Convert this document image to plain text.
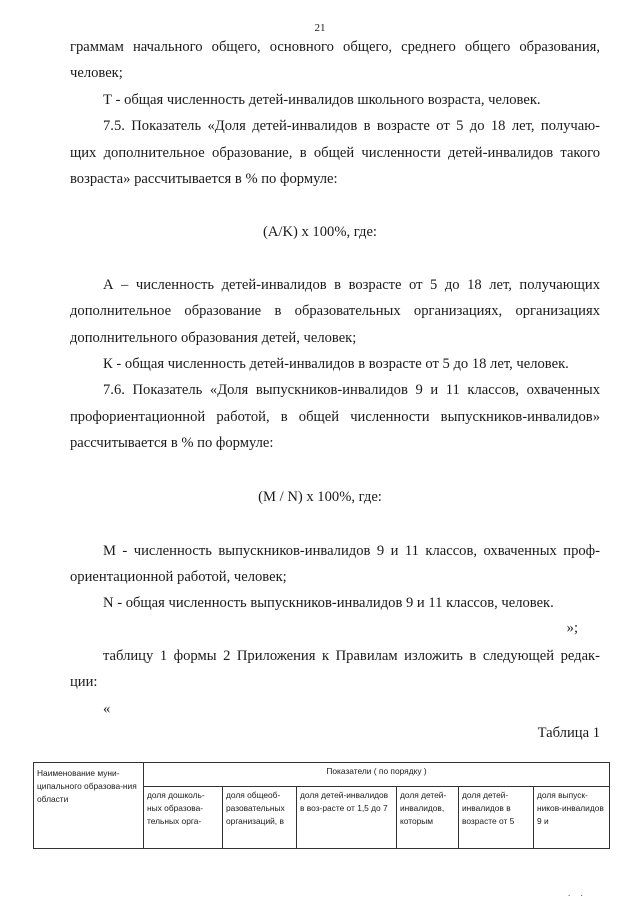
21
граммам начального общего, основного общего, среднего общего образования,
человек;
Т - общая численность детей-инвалидов школьного возраста, человек.
7.5. Показатель «Доля детей-инвалидов в возрасте от 5 до 18 лет, получаю-
щих дополнительное образование, в общей численности детей-инвалидов такого
возраста» рассчитывается в % по формуле:
(A/K) x 100%, где:
А – численность детей-инвалидов в возрасте от 5 до 18 лет, получающих
дополнительное образование в образовательных организациях, организациях
дополнительного образования детей, человек;
К - общая численность детей-инвалидов в возрасте от 5 до 18 лет, человек.
7.6. Показатель «Доля выпускников-инвалидов 9 и 11 классов, охваченных
профориентационной работой, в общей численности выпускников-инвалидов»
рассчитывается в % по формуле:
(M / N) x 100%, где:
М - численность выпускников-инвалидов 9 и 11 классов, охваченных проф-
ориентационной работой, человек;
N - общая численность выпускников-инвалидов 9 и 11 классов, человек.
»;
таблицу 1 формы 2 Приложения к Правилам изложить в следующей редак-
ции:
«
Таблица 1
Наименование муни-ципального образова-ния области	Показатели ( по порядку )					
	доля дошколь-ных образова-тельных орга-	доля общеоб-разовательных организаций, в	доля детей-инвалидов в воз-расте от 1,5 до 7	доля детей-инвалидов, которым	доля детей-инвалидов в возрасте от 5	доля выпуск-ников-инвалидов 9 и
. .
